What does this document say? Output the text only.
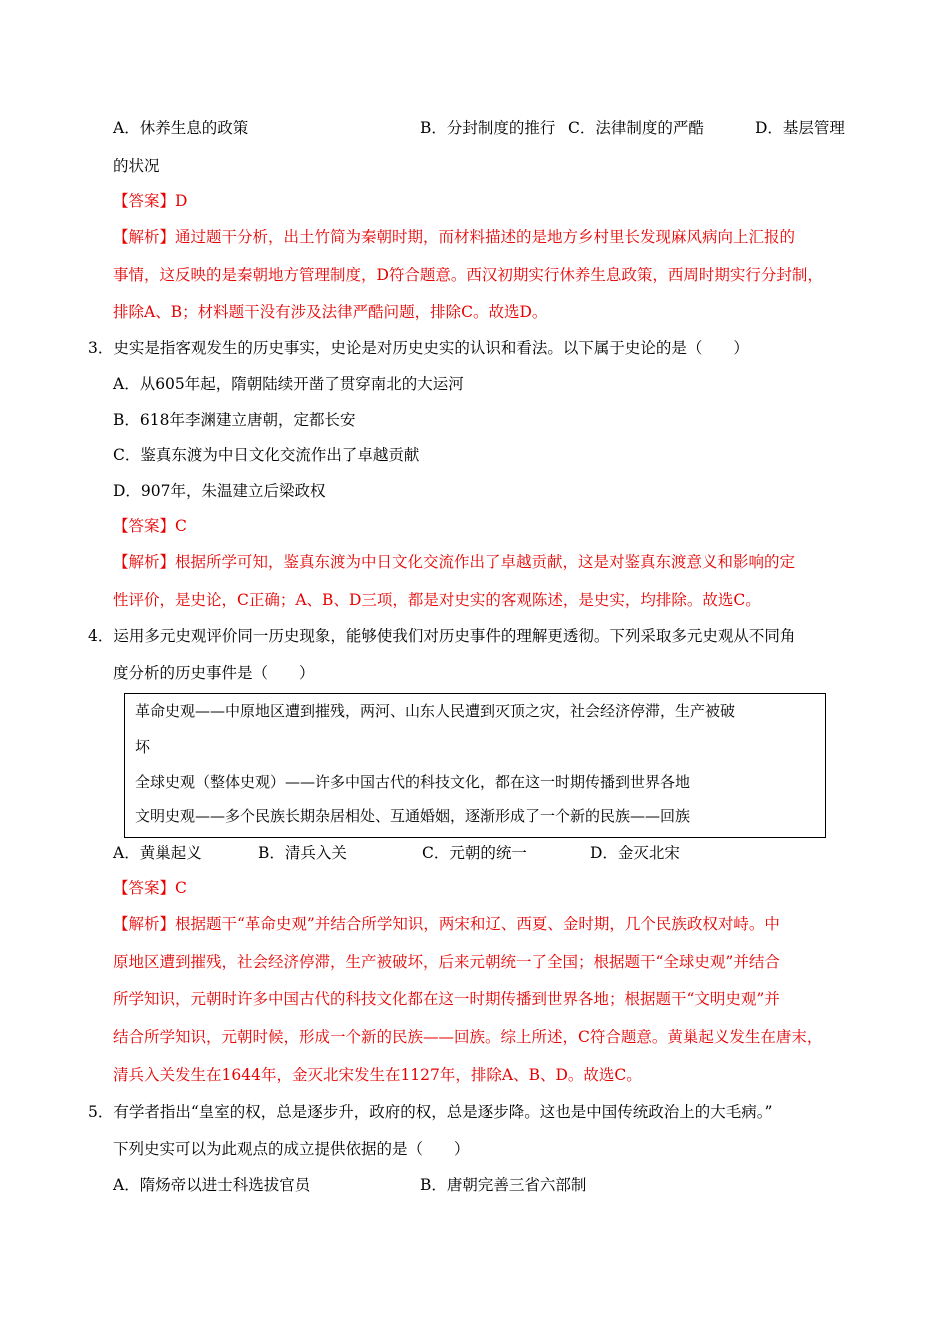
A．休养生息的政策	B．分封制度的推行 C．法律制度的严酷	D．基层管理
的状况
【答案】D
【解析】通过题干分析，出土竹简为秦朝时期，而材料描述的是地方乡村里长发现麻风病向上汇报的
事情，这反映的是秦朝地方管理制度，D符合题意。西汉初期实行休养生息政策，西周时期实行分封制，
排除A、B；材料题干没有涉及法律严酷问题，排除C。故选D。
3．史实是指客观发生的历史事实，史论是对历史史实的认识和看法。以下属于史论的是（　　）
A．从605年起，隋朝陆续开凿了贯穿南北的大运河
B．618年李渊建立唐朝，定都长安
C．鉴真东渡为中日文化交流作出了卓越贡献
D．907年，朱温建立后梁政权
【答案】C
【解析】根据所学可知，鉴真东渡为中日文化交流作出了卓越贡献，这是对鉴真东渡意义和影响的定
性评价，是史论，C正确；A、B、D三项，都是对史实的客观陈述，是史实，均排除。故选C。
4．运用多元史观评价同一历史现象，能够使我们对历史事件的理解更透彻。下列采取多元史观从不同角
度分析的历史事件是（　　）
革命史观——中原地区遭到摧残，两河、山东人民遭到灭顶之灾，社会经济停滞，生产被破
坏
全球史观（整体史观）——许多中国古代的科技文化，都在这一时期传播到世界各地
文明史观——多个民族长期杂居相处、互通婚姻，逐渐形成了一个新的民族——回族
A．黄巢起义	B．清兵入关	C．元朝的统一	D．金灭北宋
【答案】C
【解析】根据题干“革命史观”并结合所学知识，两宋和辽、西夏、金时期，几个民族政权对峙。中
原地区遭到摧残，社会经济停滞，生产被破坏，后来元朝统一了全国；根据题干“全球史观”并结合
所学知识，元朝时许多中国古代的科技文化都在这一时期传播到世界各地；根据题干“文明史观”并
结合所学知识，元朝时候，形成一个新的民族——回族。综上所述，C符合题意。黄巢起义发生在唐末，
清兵入关发生在1644年，金灭北宋发生在1127年，排除A、B、D。故选C。
5．有学者指出“皇室的权，总是逐步升，政府的权，总是逐步降。这也是中国传统政治上的大毛病。”
下列史实可以为此观点的成立提供依据的是（　　）
A．隋炀帝以进士科选拔官员	B．唐朝完善三省六部制
